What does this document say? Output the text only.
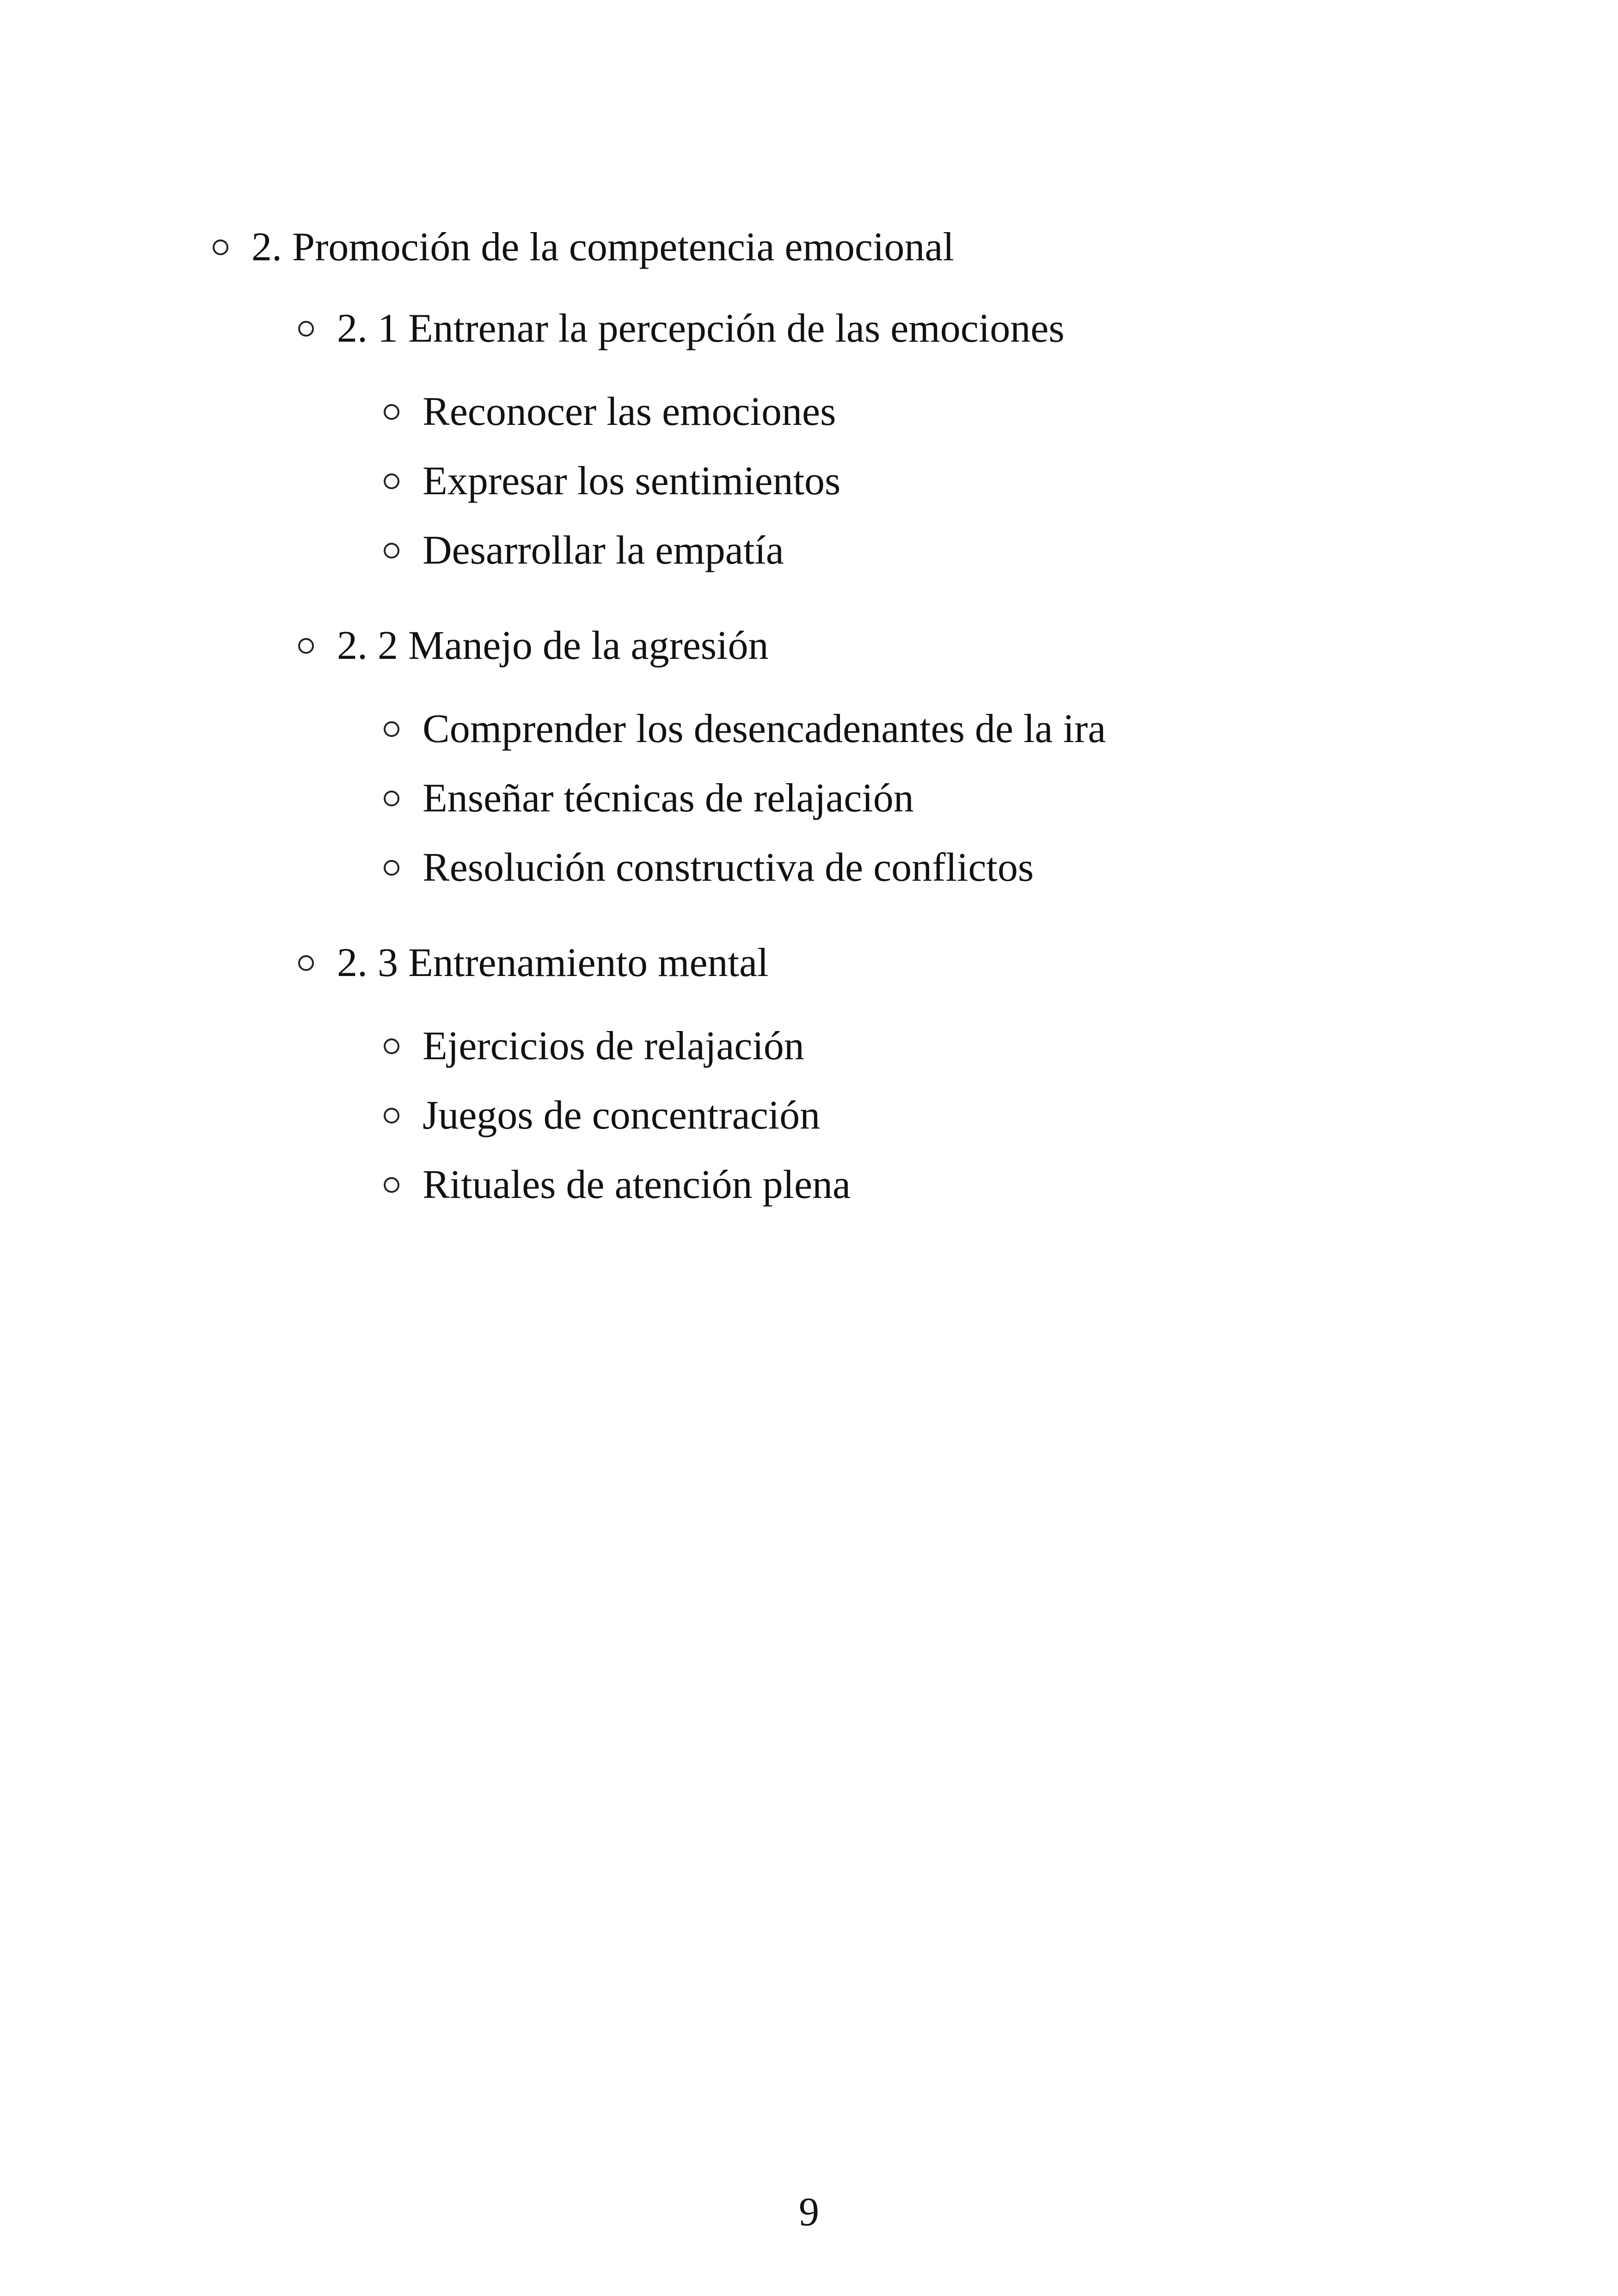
2. Promoción de la competencia emocional
2. 1 Entrenar la percepción de las emociones
Reconocer las emociones
Expresar los sentimientos
Desarrollar la empatía
2. 2 Manejo de la agresión
Comprender los desencadenantes de la ira
Enseñar técnicas de relajación
Resolución constructiva de conflictos
2. 3 Entrenamiento mental
Ejercicios de relajación
Juegos de concentración
Rituales de atención plena
9
